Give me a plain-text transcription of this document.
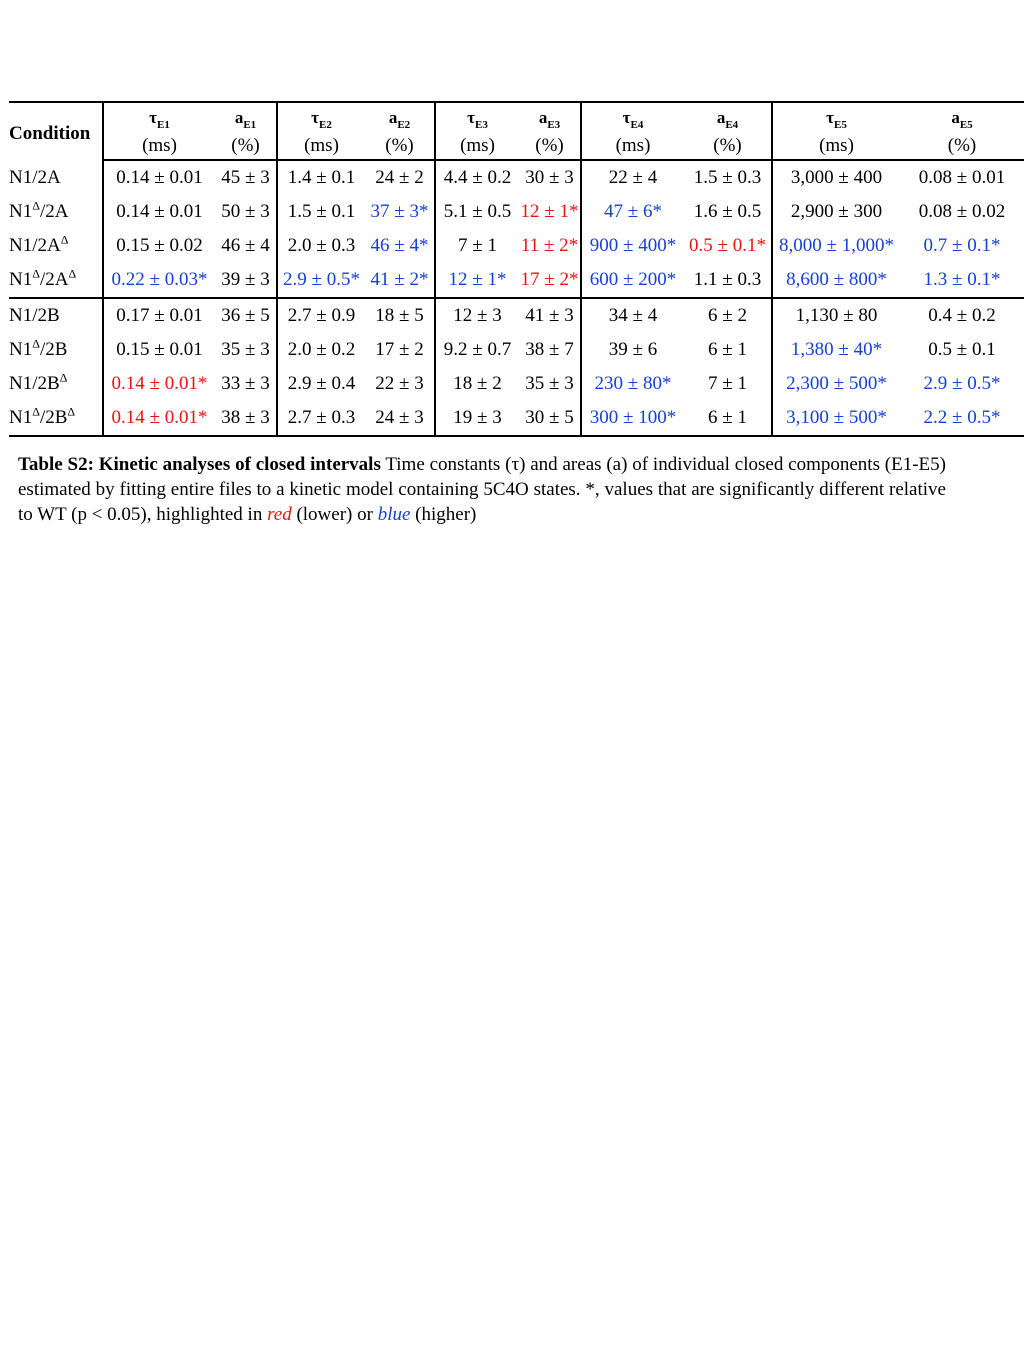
Condition	$\tau_{E1}$	$a_{E1}$	$\tau_{E2}$	$a_{E2}$	$\tau_{E3}$	$a_{E3}$	$\tau_{E4}$	$a_{E4}$	$\tau_{E5}$	$a_{E5}$
	(ms)	(%)	(ms)	(%)	(ms)	(%)	(ms)	(%)	(ms)	(%)
N1/2A	0.14 ± 0.01	45 ± 3	1.4 ± 0.1	24 ± 2	4.4 ± 0.2	30 ± 3	22 ± 4	1.5 ± 0.3	3,000 ± 400	0.08 ± 0.01
$N1^\Delta/2A$	0.14 ± 0.01	50 ± 3	1.5 ± 0.1	37 ± 3*	5.1 ± 0.5	12 ± 1*	47 ± 6*	1.6 ± 0.5	2,900 ± 300	0.08 ± 0.02
$N1/2A^\Delta$	0.15 ± 0.02	46 ± 4	2.0 ± 0.3	46 ± 4*	7 ± 1	11 ± 2*	900 ± 400*	0.5 ± 0.1*	8,000 ± 1,000*	0.7 ± 0.1*
$N1^\Delta/2A^\Delta$	0.22 ± 0.03*	39 ± 3	2.9 ± 0.5*	41 ± 2*	12 ± 1*	17 ± 2*	600 ± 200*	1.1 ± 0.3	8,600 ± 800*	1.3 ± 0.1*
N1/2B	0.17 ± 0.01	36 ± 5	2.7 ± 0.9	18 ± 5	12 ± 3	41 ± 3	34 ± 4	6 ± 2	1,130 ± 80	0.4 ± 0.2
$N1^\Delta/2B$	0.15 ± 0.01	35 ± 3	2.0 ± 0.2	17 ± 2	9.2 ± 0.7	38 ± 7	39 ± 6	6 ± 1	1,380 ± 40*	0.5 ± 0.1
$N1/2B^\Delta$	0.14 ± 0.01*	33 ± 3	2.9 ± 0.4	22 ± 3	18 ± 2	35 ± 3	230 ± 80*	7 ± 1	2,300 ± 500*	2.9 ± 0.5*
$N1^\Delta/2B^\Delta$	0.14 ± 0.01*	38 ± 3	2.7 ± 0.3	24 ± 3	19 ± 3	30 ± 5	300 ± 100*	6 ± 1	3,100 ± 500*	2.2 ± 0.5*
Table S2: Kinetic analyses of closed intervals Time constants (τ) and areas (a) of individual closed components (E1-E5) estimated by fitting entire files to a kinetic model containing 5C4O states. *, values that are significantly different relative to WT (p < 0.05), highlighted in red (lower) or blue (higher)
